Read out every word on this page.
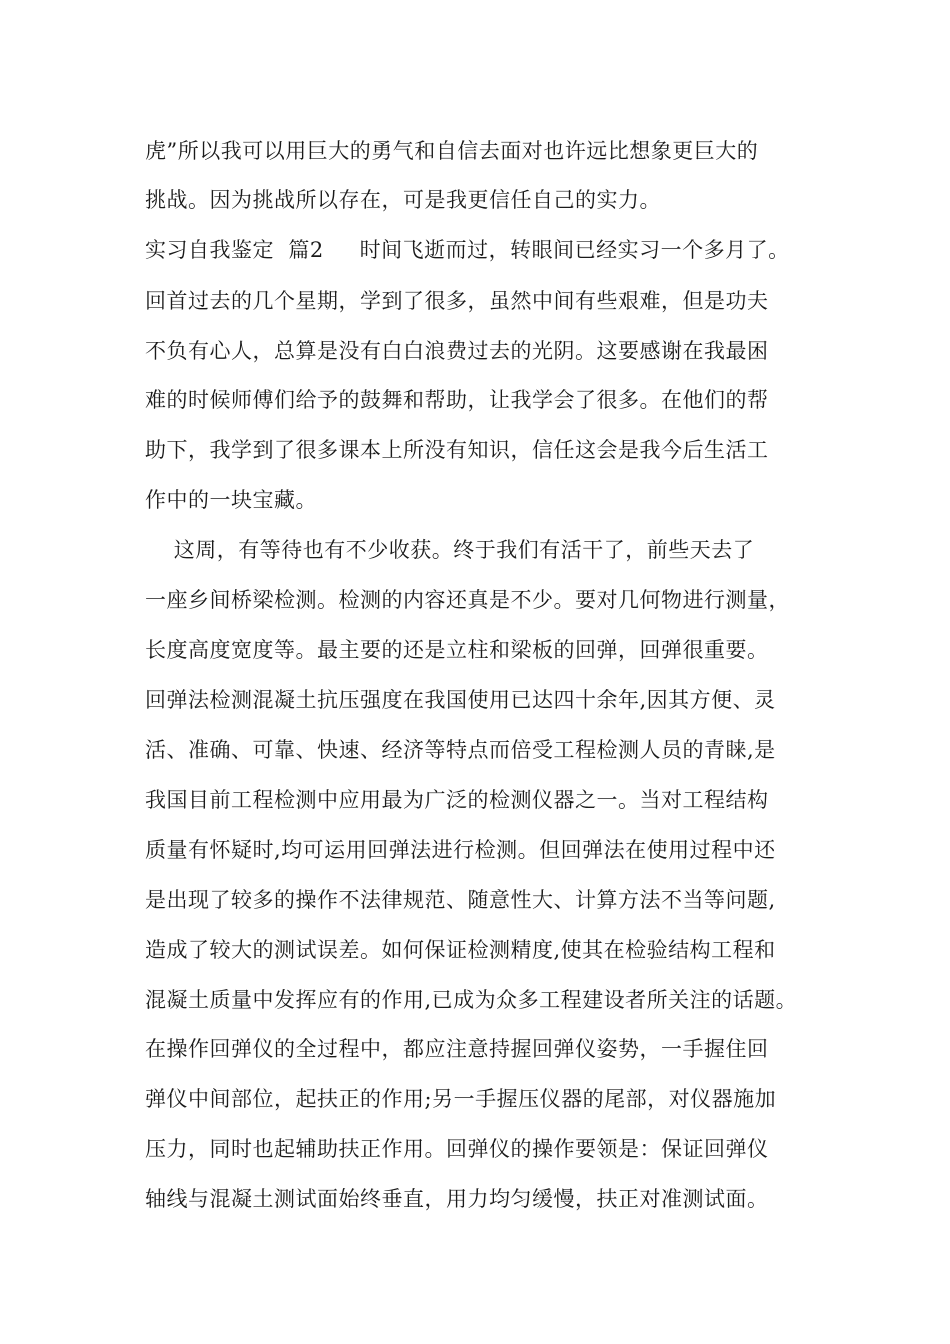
虎”所以我可以用巨大的勇气和自信去面对也许远比想象更巨大的
挑战。因为挑战所以存在，可是我更信任自己的实力。
实习自我鉴定  篇2     时间飞逝而过，转眼间已经实习一个多月了。
回首过去的几个星期，学到了很多，虽然中间有些艰难，但是功夫
不负有心人，总算是没有白白浪费过去的光阴。这要感谢在我最困
难的时候师傅们给予的鼓舞和帮助，让我学会了很多。在他们的帮
助下，我学到了很多课本上所没有知识，信任这会是我今后生活工
作中的一块宝藏。
这周，有等待也有不少收获。终于我们有活干了，前些天去了
一座乡间桥梁检测。检测的内容还真是不少。要对几何物进行测量，
长度高度宽度等。最主要的还是立柱和梁板的回弹，回弹很重要。
回弹法检测混凝土抗压强度在我国使用已达四十余年,因其方便、灵
活、准确、可靠、快速、经济等特点而倍受工程检测人员的青睐,是
我国目前工程检测中应用最为广泛的检测仪器之一。当对工程结构
质量有怀疑时,均可运用回弹法进行检测。但回弹法在使用过程中还
是出现了较多的操作不法律规范、随意性大、计算方法不当等问题,
造成了较大的测试误差。如何保证检测精度,使其在检验结构工程和
混凝土质量中发挥应有的作用,已成为众多工程建设者所关注的话题。
在操作回弹仪的全过程中，都应注意持握回弹仪姿势，一手握住回
弹仪中间部位，起扶正的作用;另一手握压仪器的尾部，对仪器施加
压力，同时也起辅助扶正作用。回弹仪的操作要领是：保证回弹仪
轴线与混凝土测试面始终垂直，用力均匀缓慢，扶正对准测试面。
